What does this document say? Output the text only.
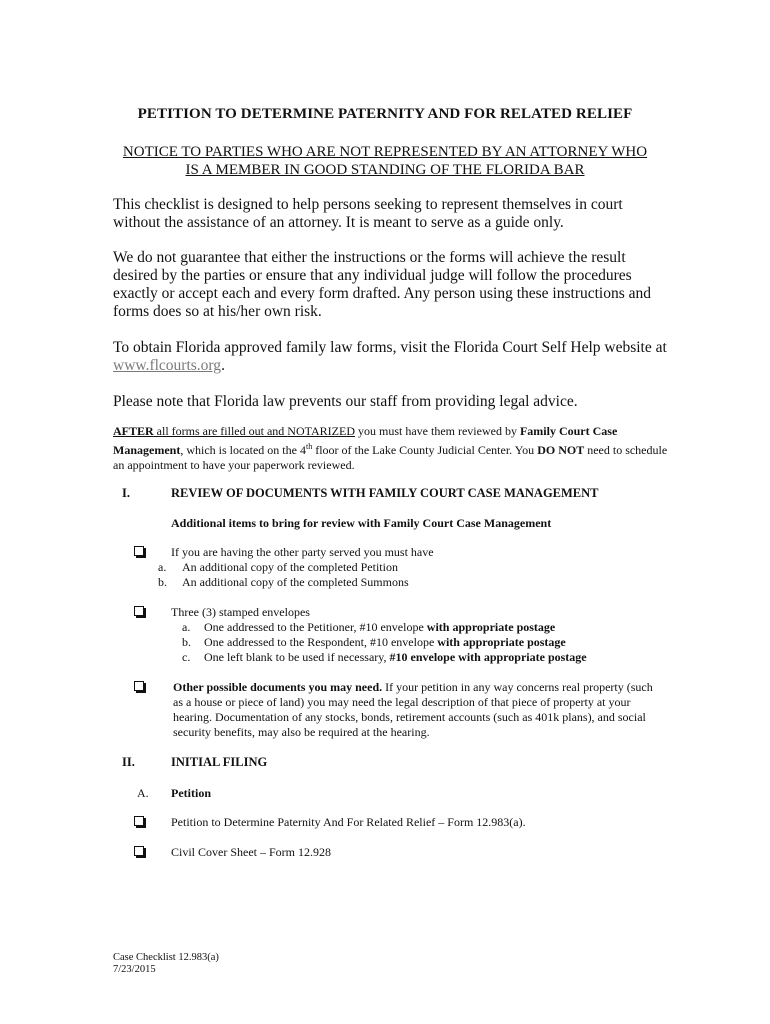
PETITION TO DETERMINE PATERNITY AND FOR RELATED RELIEF
NOTICE TO PARTIES WHO ARE NOT REPRESENTED BY AN ATTORNEY WHO
IS A MEMBER IN GOOD STANDING OF THE FLORIDA BAR
This checklist is designed to help persons seeking to represent themselves in court without the assistance of an attorney. It is meant to serve as a guide only.
We do not guarantee that either the instructions or the forms will achieve the result desired by the parties or ensure that any individual judge will follow the procedures exactly or accept each and every form drafted. Any person using these instructions and forms does so at his/her own risk.
To obtain Florida approved family law forms, visit the Florida Court Self Help website at www.flcourts.org.
Please note that Florida law prevents our staff from providing legal advice.
AFTER all forms are filled out and NOTARIZED you must have them reviewed by Family Court Case Management, which is located on the 4th floor of the Lake County Judicial Center. You DO NOT need to schedule an appointment to have your paperwork reviewed.
I.	REVIEW OF DOCUMENTS WITH FAMILY COURT CASE MANAGEMENT
Additional items to bring for review with Family Court Case Management
If you are having the other party served you must have
a. An additional copy of the completed Petition
b. An additional copy of the completed Summons
Three (3) stamped envelopes
a. One addressed to the Petitioner, #10 envelope with appropriate postage
b. One addressed to the Respondent, #10 envelope with appropriate postage
c. One left blank to be used if necessary, #10 envelope with appropriate postage
Other possible documents you may need. If your petition in any way concerns real property (such as a house or piece of land) you may need the legal description of that piece of property at your hearing. Documentation of any stocks, bonds, retirement accounts (such as 401k plans), and social security benefits, may also be required at the hearing.
II.	INITIAL FILING
A. Petition
Petition to Determine Paternity And For Related Relief – Form 12.983(a).
Civil Cover Sheet – Form 12.928
Case Checklist 12.983(a)
7/23/2015
